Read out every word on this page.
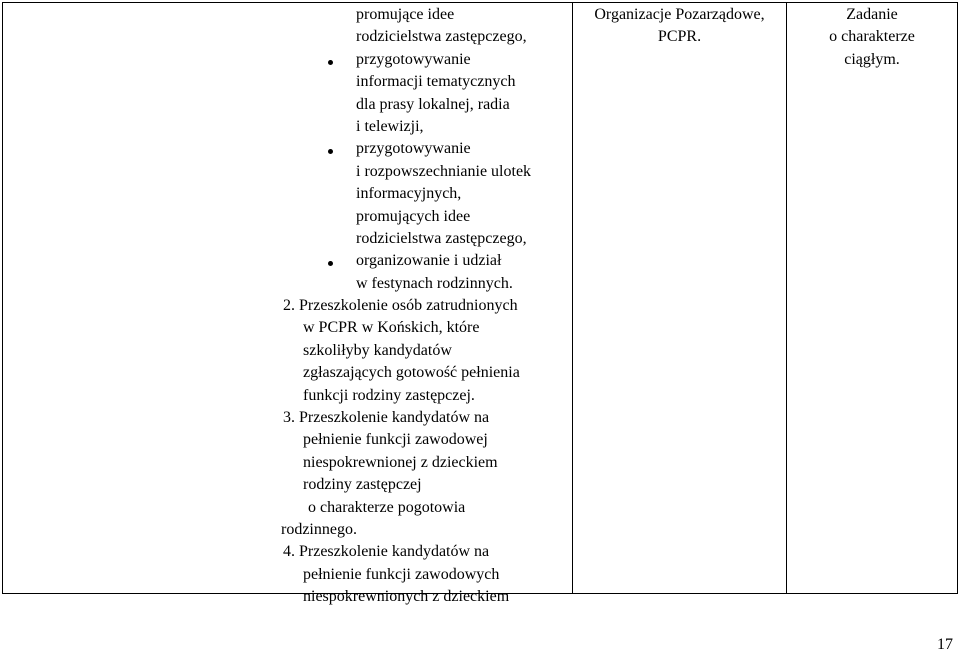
promujące idee
rodzicielstwa zastępczego,
przygotowywanie
informacji tematycznych
dla prasy lokalnej, radia
i telewizji,
przygotowywanie
i rozpowszechnianie ulotek
informacyjnych,
promujących idee
rodzicielstwa zastępczego,
organizowanie i udział
w festynach rodzinnych.
2. Przeszkolenie osób zatrudnionych
w PCPR w Końskich, które
szkoliłyby kandydatów
zgłaszających gotowość pełnienia
funkcji rodziny zastępczej.
3. Przeszkolenie kandydatów na
pełnienie funkcji zawodowej
niespokrewnionej z dzieckiem
rodziny zastępczej
o charakterze pogotowia
rodzinnego.
4. Przeszkolenie kandydatów na
pełnienie funkcji zawodowych
niespokrewnionych z dzieckiem
Organizacje Pozarządowe,
PCPR.
Zadanie
o charakterze
ciągłym.
17
